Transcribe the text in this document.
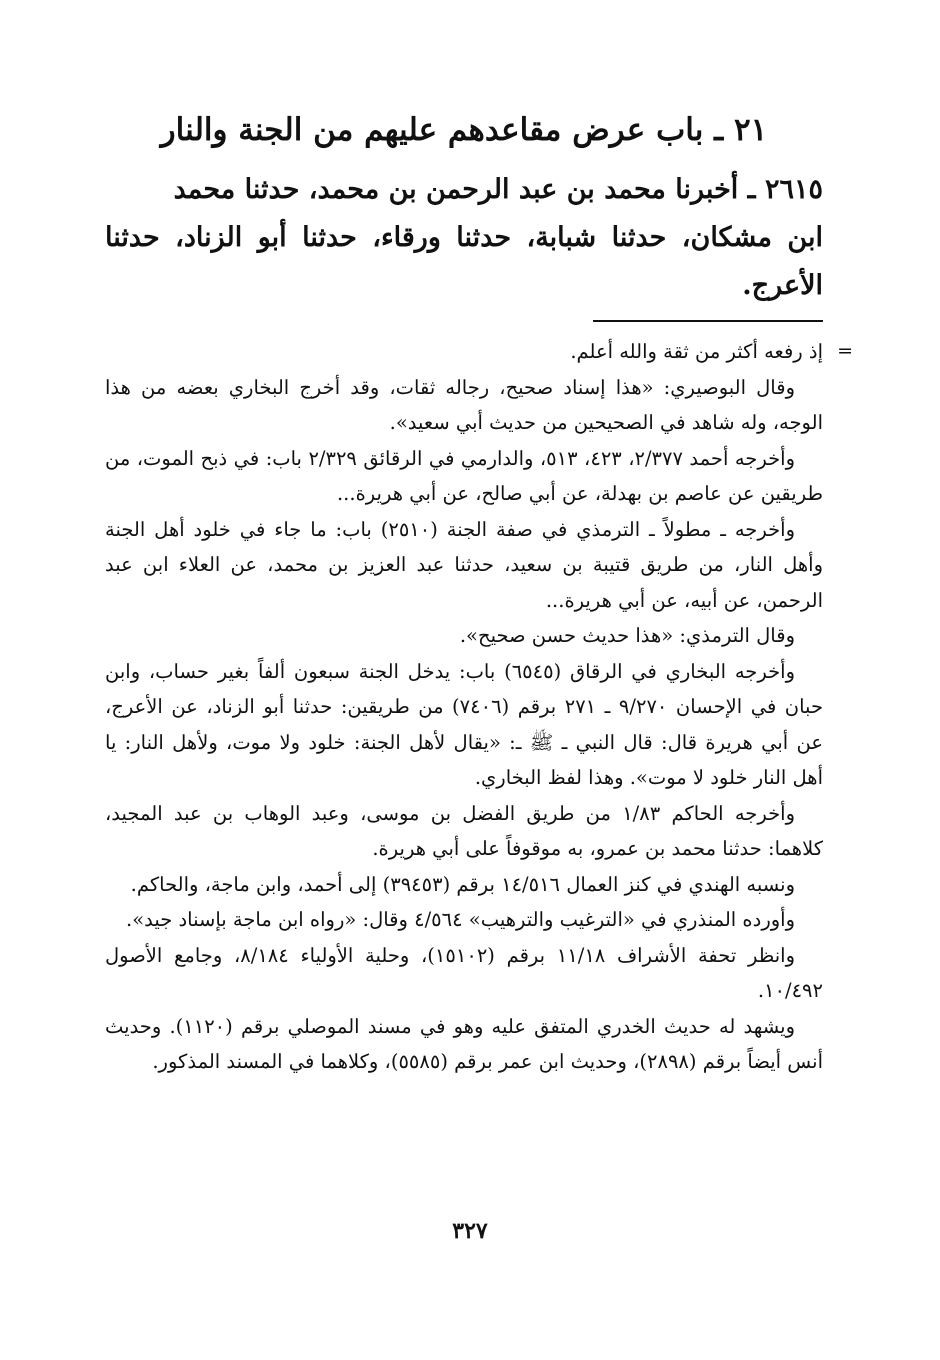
٢١ ـ باب عرض مقاعدهم عليهم من الجنة والنار

٢٦١٥ ـ أخبرنا محمد بن عبد الرحمن بن محمد، حدثنا محمد

ابن مشكان، حدثنا شبابة، حدثنا ورقاء، حدثنا أبو الزناد، حدثنا الأعرج.

=
إذ رفعه أكثر من ثقة والله أعلم.

وقال البوصيري: «هذا إسناد صحيح، رجاله ثقات، وقد أخرج البخاري بعضه من هذا الوجه، وله شاهد في الصحيحين من حديث أبي سعيد».

وأخرجه أحمد ٢/٣٧٧، ٤٢٣، ٥١٣، والدارمي في الرقائق ٢/٣٢٩ باب: في ذبح الموت، من طريقين عن عاصم بن بهدلة، عن أبي صالح، عن أبي هريرة...

وأخرجه ـ مطولاً ـ الترمذي في صفة الجنة (٢٥١٠) باب: ما جاء في خلود أهل الجنة وأهل النار، من طريق قتيبة بن سعيد، حدثنا عبد العزيز بن محمد، عن العلاء ابن عبد الرحمن، عن أبيه، عن أبي هريرة...

وقال الترمذي: «هذا حديث حسن صحيح».

وأخرجه البخاري في الرقاق (٦٥٤٥) باب: يدخل الجنة سبعون ألفاً بغير حساب، وابن حبان في الإحسان ٩/٢٧٠ ـ ٢٧١ برقم (٧٤٠٦) من طريقين: حدثنا أبو الزناد، عن الأعرج، عن أبي هريرة قال: قال النبي ـ ﷺ ـ: «يقال لأهل الجنة: خلود ولا موت، ولأهل النار: يا أهل النار خلود لا موت». وهذا لفظ البخاري.

وأخرجه الحاكم ١/٨٣ من طريق الفضل بن موسى، وعبد الوهاب بن عبد المجيد، كلاهما: حدثنا محمد بن عمرو، به موقوفاً على أبي هريرة.

ونسبه الهندي في كنز العمال ١٤/٥١٦ برقم (٣٩٤٥٣) إلى أحمد، وابن ماجة، والحاكم.

وأورده المنذري في «الترغيب والترهيب» ٤/٥٦٤ وقال: «رواه ابن ماجة بإسناد جيد».

وانظر تحفة الأشراف ١١/١٨ برقم (١٥١٠٢)، وحلية الأولياء ٨/١٨٤، وجامع الأصول ١٠/٤٩٢.

ويشهد له حديث الخدري المتفق عليه وهو في مسند الموصلي برقم (١١٢٠). وحديث أنس أيضاً برقم (٢٨٩٨)، وحديث ابن عمر برقم (٥٥٨٥)، وكلاهما في المسند المذكور.

٣٢٧
